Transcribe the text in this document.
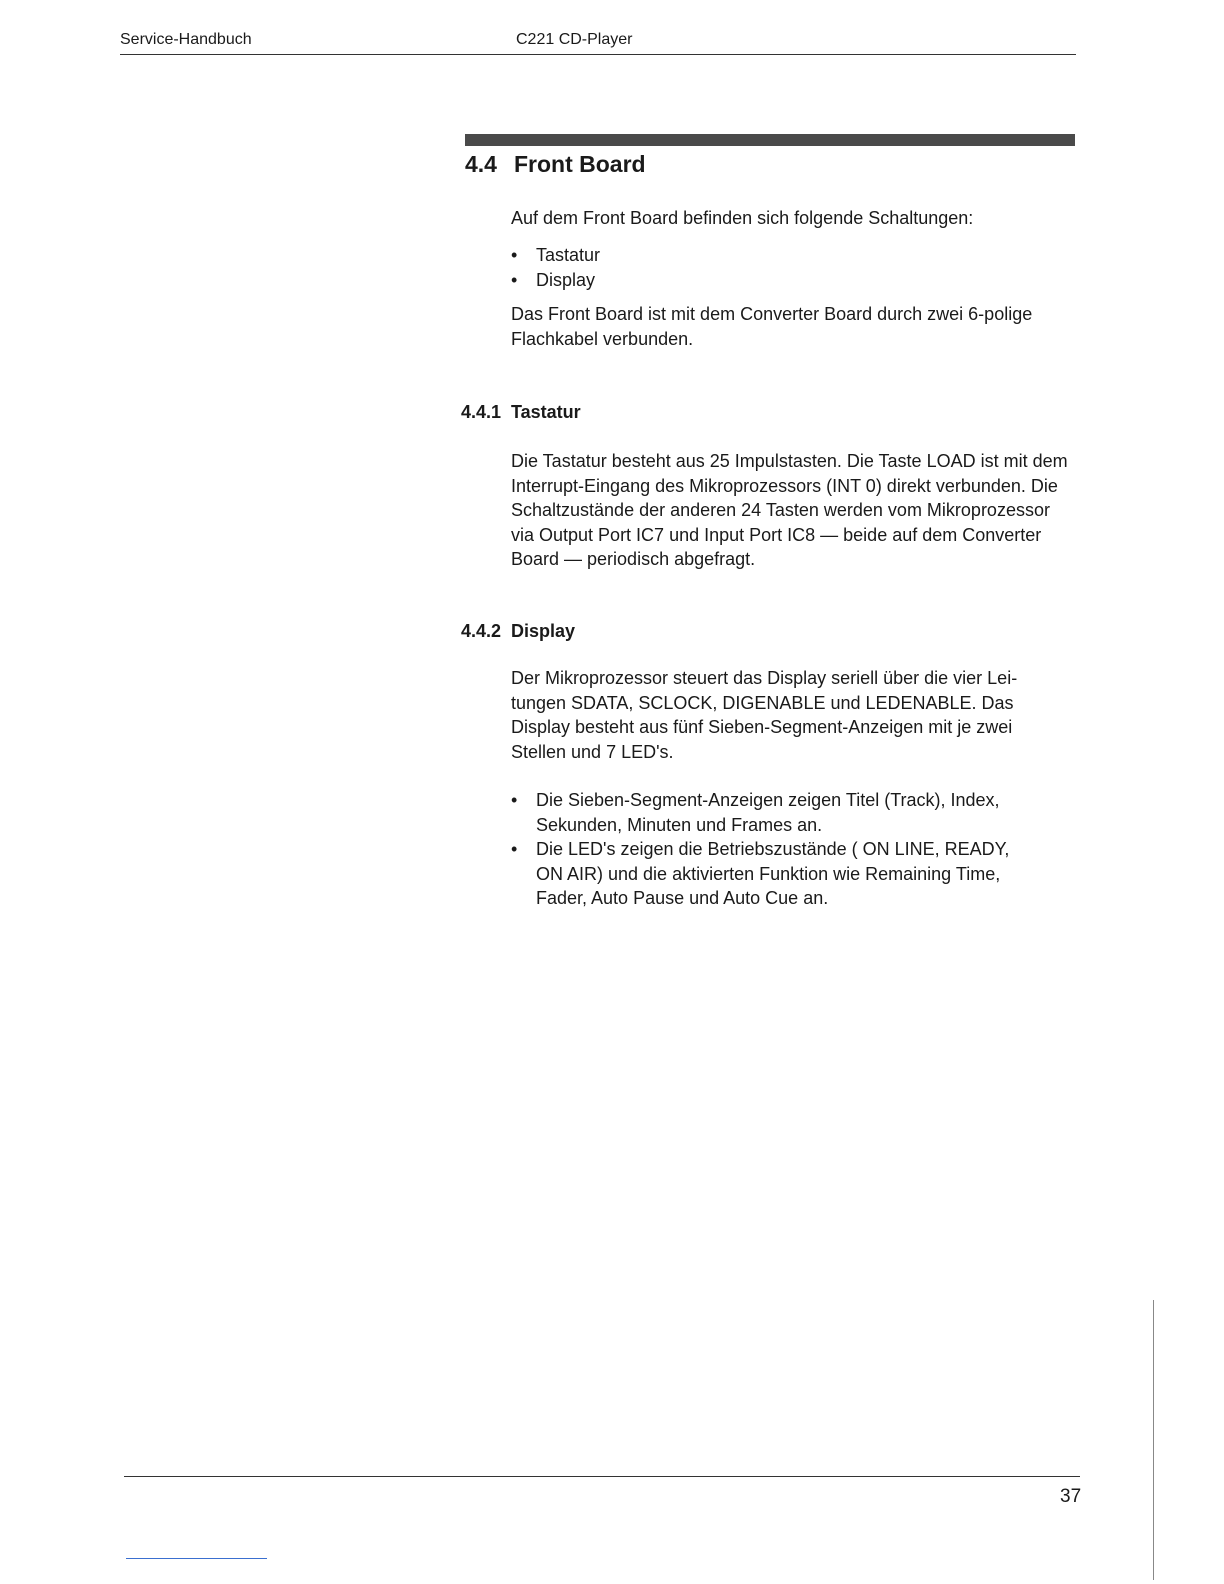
Service-Handbuch	C221 CD-Player
4.4 Front Board

Auf dem Front Board befinden sich folgende Schaltungen:

• Tastatur
• Display

Das Front Board ist mit dem Converter Board durch zwei 6-polige Flachkabel verbunden.

4.4.1 Tastatur

Die Tastatur besteht aus 25 Impulstasten. Die Taste LOAD ist mit dem Interrupt-Eingang des Mikroprozessors (INT 0) direkt verbunden. Die Schaltzustände der anderen 24 Tasten werden vom Mikroprozessor via Output Port IC7 und Input Port IC8 — beide auf dem Converter Board — periodisch abgefragt.

4.4.2 Display

Der Mikroprozessor steuert das Display seriell über die vier Leitungen SDATA, SCLOCK, DIGENABLE und LEDENABLE. Das Display besteht aus fünf Sieben-Segment-Anzeigen mit je zwei Stellen und 7 LED's.

• Die Sieben-Segment-Anzeigen zeigen Titel (Track), Index, Sekunden, Minuten und Frames an.
• Die LED's zeigen die Betriebszustände ( ON LINE, READY, ON AIR) und die aktivierten Funktion wie Remaining Time, Fader, Auto Pause und Auto Cue an.
37
